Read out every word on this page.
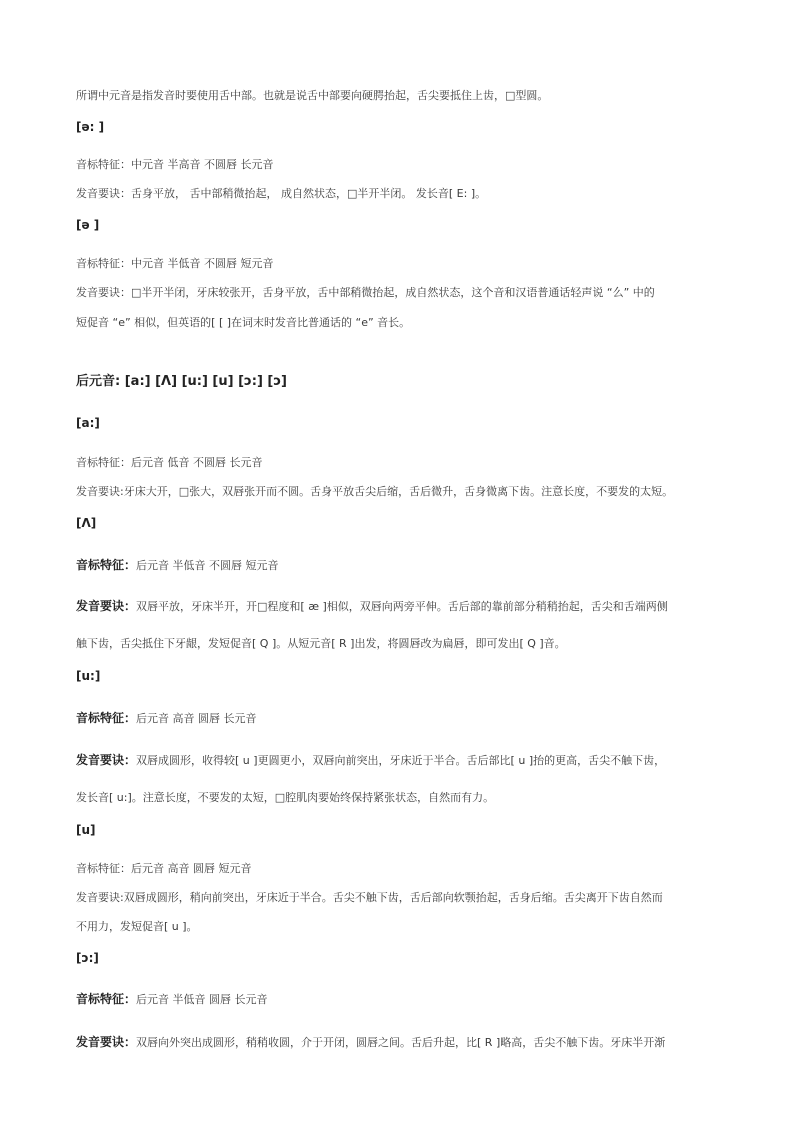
所谓中元音是指发音时要使用舌中部。也就是说舌中部要向硬腭抬起，舌尖要抵住上齿，□型圆。
[ə: ]
音标特征：中元音 半高音 不圆唇 长元音
发音要诀：舌身平放， 舌中部稍微抬起， 成自然状态，□半开半闭。 发长音[ E: ]。
[ə ]
音标特征：中元音 半低音 不圆唇 短元音
发音要诀：□半开半闭，牙床较张开，舌身平放，舌中部稍微抬起，成自然状态，这个音和汉语普通话轻声说 “么” 中的
短促音 “e” 相似，但英语的[ [ ]在词末时发音比普通话的 “e” 音长。
后元音: [a:] [Λ] [u:] [u] [ɔ:] [ɔ]
[a:]
音标特征：后元音 低音 不圆唇 长元音
发音要诀:牙床大开，□张大，双唇张开而不圆。舌身平放舌尖后缩，舌后微升，舌身微离下齿。注意长度，不要发的太短。
[Λ]
音标特征：后元音 半低音 不圆唇 短元音
发音要诀：双唇平放，牙床半开，开□程度和[ æ ]相似，双唇向两旁平伸。舌后部的靠前部分稍稍抬起，舌尖和舌端两侧
触下齿，舌尖抵住下牙龈，发短促音[ Q ]。从短元音[ R ]出发，将圆唇改为扁唇，即可发出[ Q ]音。
[u:]
音标特征：后元音 高音 圆唇 长元音
发音要诀：双唇成圆形，收得较[ u ]更圆更小，双唇向前突出，牙床近于半合。舌后部比[ u ]抬的更高，舌尖不触下齿，
发长音[ u:]。注意长度，不要发的太短，□腔肌肉要始终保持紧张状态，自然而有力。
[u]
音标特征：后元音 高音 圆唇 短元音
发音要诀:双唇成圆形，稍向前突出，牙床近于半合。舌尖不触下齿，舌后部向软颚抬起，舌身后缩。舌尖离开下齿自然而
不用力，发短促音[ u ]。
[ɔ:]
音标特征：后元音 半低音 圆唇 长元音
发音要诀：双唇向外突出成圆形，稍稍收圆，介于开闭，圆唇之间。舌后升起，比[ R ]略高，舌尖不触下齿。牙床半开渐
